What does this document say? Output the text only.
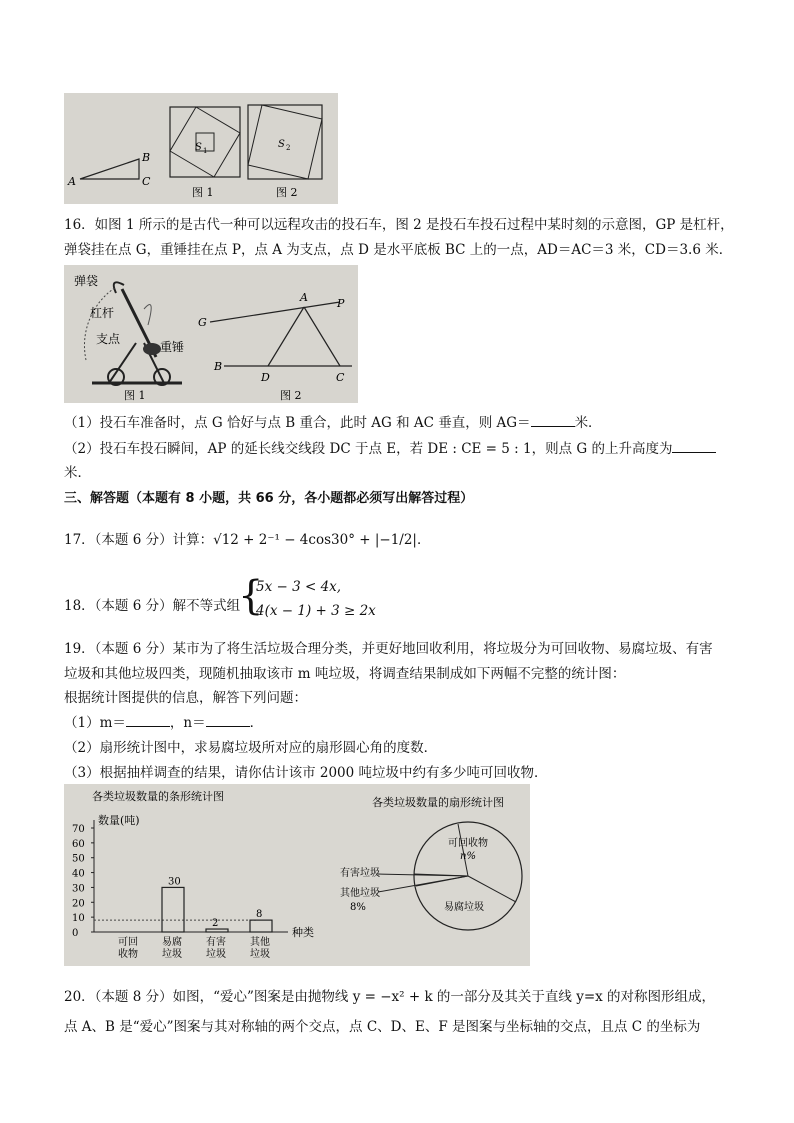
A
B
C
S 1
图 1
S 2
图 2
16．如图 1 所示的是古代一种可以远程攻击的投石车，图 2 是投石车投石过程中某时刻的示意图，GP 是杠杆，
弹袋挂在点 G，重锤挂在点 P，点 A 为支点，点 D 是水平底板 BC 上的一点，AD＝AC＝3 米，CD＝3.6 米．
弹袋
杠杆
支点
重锤
图 1
G
A	P
B
D	C
图 2
（1）投石车准备时，点 G 恰好与点 B 重合，此时 AG 和 AC 垂直，则 AG＝	米．
（2）投石车投石瞬间，AP 的延长线交线段 DC 于点 E，若 DE : CE = 5 : 1，则点 G 的上升高度为
米．
三、解答题（本题有 8 小题，共 66 分，各小题都必须写出解答过程）
17．（本题 6 分）计算：√12 + 2⁻¹ − 4cos30° + |−1/2|．
18．（本题 6 分）解不等式组
{
5x − 3 < 4x,
4(x − 1) + 3 ≥ 2x
19．（本题 6 分）某市为了将生活垃圾合理分类，并更好地回收利用，将垃圾分为可回收物、易腐垃圾、有害
垃圾和其他垃圾四类，现随机抽取该市 m 吨垃圾，将调查结果制成如下两幅不完整的统计图：
根据统计图提供的信息，解答下列问题：
（1）m＝	，n＝	．
（2）扇形统计图中，求易腐垃圾所对应的扇形圆心角的度数．
（3）根据抽样调查的结果，请你估计该市 2000 吨垃圾中约有多少吨可回收物．
各类垃圾数量的条形统计图
数量(吨)
种类
0
10
20
30
40
50
60
70
可回
收物
30
易腐
垃圾
2
有害
垃圾
8
其他
垃圾
各类垃圾数量的扇形统计图
可回收物
n%
易腐垃圾
有害垃圾
其他垃圾
8%
20．（本题 8 分）如图，“爱心”图案是由抛物线 y = −x² + k 的一部分及其关于直线 y=x 的对称图形组成，
点 A、B 是“爱心”图案与其对称轴的两个交点，点 C、D、E、F 是图案与坐标轴的交点，且点 C 的坐标为
